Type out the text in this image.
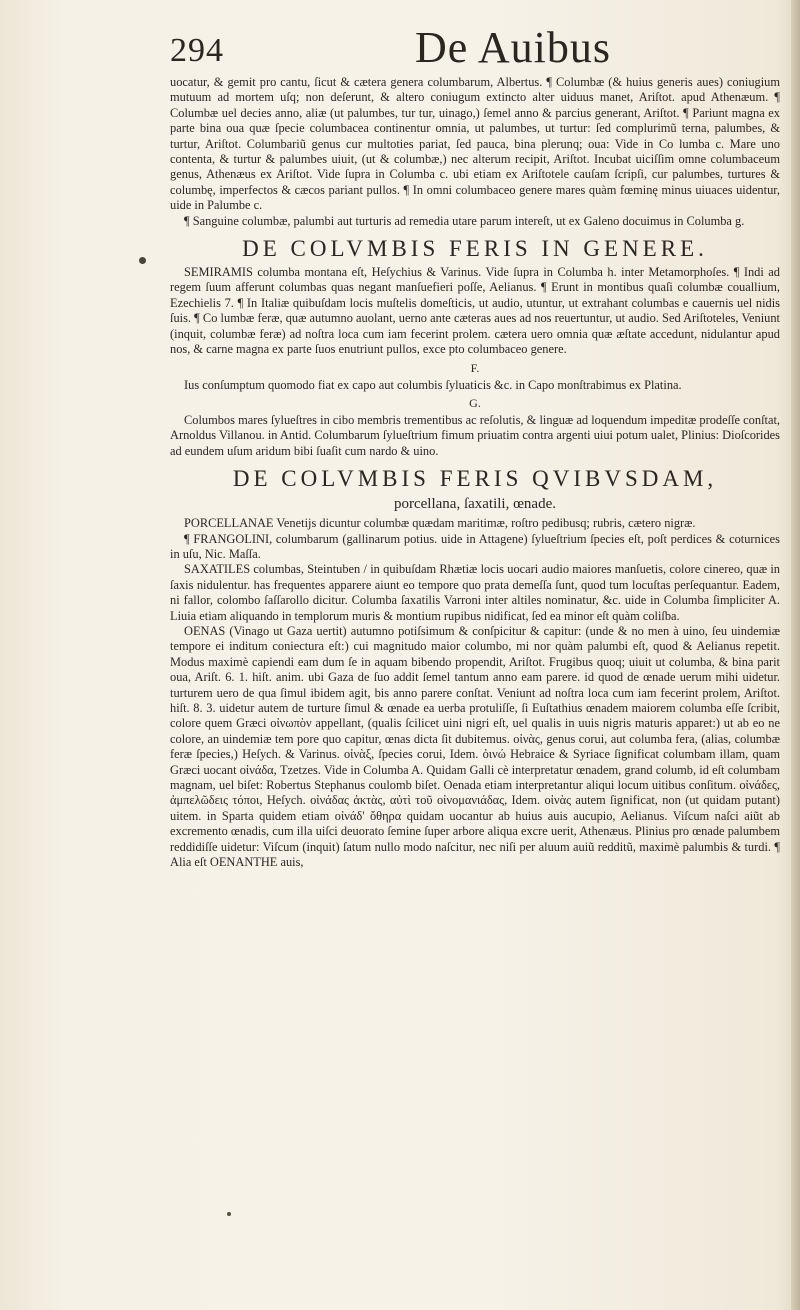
294	De Auibus

uocatur, & gemit pro cantu, ſicut & cætera genera columbarum, Albertus. ¶ Columbæ (& huius generis aues) coniugium mutuum ad mortem uſq; non deſerunt, & altero coniugum extincto alter uiduus manet, Ariſtot. apud Athenæum. ¶ Columbæ uel decies anno, aliæ (ut palumbes, tur tur, uinago,) ſemel anno & parcius generant, Ariſtot. ¶ Pariunt magna ex parte bina oua quæ ſpecie columbacea continentur omnia, ut palumbes, ut turtur: ſed complurimũ terna, palumbes, & turtur, Ariſtot. Columbariũ genus cur multoties pariat, ſed pauca, bina plerunq; oua: Vide in Co lumba c. Mare uno contenta, & turtur & palumbes uiuit, (ut & columbæ,) nec alterum recipit, Ariſtot. Incubat uiciſſim omne columbaceum genus, Athenæus ex Ariſtot. Vide ſupra in Columba c. ubi etiam ex Ariſtotele cauſam ſcripſi, cur palumbes, turtures & columbę, imperfectos & cæcos pariant pullos. ¶ In omni columbaceo genere mares quàm fœminę minus uiuaces uidentur, uide in Palumbe c.

¶ Sanguine columbæ, palumbi aut turturis ad remedia utare parum intereſt, ut ex Galeno docuimus in Columba g.

DE COLVMBIS FERIS IN GENERE.

SEMIRAMIS columba montana eſt, Heſychius & Varinus. Vide ſupra in Columba h. inter Metamorphoſes. ¶ Indi ad regem ſuum afferunt columbas quas negant manſuefieri poſſe, Aelianus. ¶ Erunt in montibus quaſi columbæ couallium, Ezechielis 7. ¶ In Italiæ quibuſdam locis muſtelis domeſticis, ut audio, utuntur, ut extrahant columbas e cauernis uel nidis ſuis. ¶ Co lumbæ feræ, quæ autumno auolant, uerno ante cæteras aues ad nos reuertuntur, ut audio. Sed Ariſtoteles, Veniunt (inquit, columbæ feræ) ad noſtra loca cum iam fecerint prolem. cætera uero omnia quæ æſtate accedunt, nidulantur apud nos, & carne magna ex parte ſuos enutriunt pullos, exce pto columbaceo genere.

F.

Ius conſumptum quomodo fiat ex capo aut columbis ſyluaticis &c. in Capo monſtrabimus ex Platina.

G.

Columbos mares ſylueſtres in cibo membris trementibus ac reſolutis, & linguæ ad loquendum impeditæ prodeſſe conſtat, Arnoldus Villanou. in Antid. Columbarum ſylueſtrium fimum priuatim contra argenti uiui potum ualet, Plinius: Dioſcorides ad eundem uſum aridum bibi ſuaſit cum nardo & uino.

DE COLVMBIS FERIS QVIBVSDAM,
porcellana, ſaxatili, œnade.

PORCELLANAE Venetijs dicuntur columbæ quædam maritimæ, roſtro pedibusq; rubris, cætero nigræ.

¶ FRANGOLINI, columbarum (gallinarum potius. uide in Attagene) ſylueſtrium ſpecies eſt, poſt perdices & coturnices in uſu, Nic. Maſſa.

SAXATILES columbas, Steintuben / in quibuſdam Rhætiæ locis uocari audio maiores manſuetis, colore cinereo, quæ in ſaxis nidulentur. has frequentes apparere aiunt eo tempore quo prata demeſſa ſunt, quod tum locuſtas perſequantur. Eadem, ni fallor, colombo ſaſſarollo dicitur. Columba ſaxatilis Varroni inter altiles nominatur, &c. uide in Columba ſimpliciter A. Liuia etiam aliquando in templorum muris & montium rupibus nidificat, ſed ea minor eſt quàm coliſba.

OENAS (Vinago ut Gaza uertit) autumno potiſsimum & conſpicitur & capitur: (unde & no men à uino, ſeu uindemiæ tempore ei inditum coniectura eſt:) cui magnitudo maior columbo, mi nor quàm palumbi eſt, quod & Aelianus repetit. Modus maximè capiendi eam dum ſe in aquam bibendo propendit, Ariſtot. Frugibus quoq; uiuit ut columba, & bina parit oua, Ariſt. 6. 1. hiſt. anim. ubi Gaza de ſuo addit ſemel tantum anno eam parere. id quod de œnade uerum mihi uidetur. turturem uero de qua ſimul ibidem agit, bis anno parere conſtat. Veniunt ad noſtra loca cum iam fecerint prolem, Ariſtot. hiſt. 8. 3. uidetur autem de turture ſimul & œnade ea uerba protuliſſe, ſi Euſtathius œnadem maiorem columba eſſe ſcribit, colore quem Græci οἰνωπὸν appellant, (qualis ſcilicet uini nigri eſt, uel qualis in uuis nigris maturis apparet:) ut ab eo ne colore, an uindemiæ tem pore quo capitur, œnas dicta ſit dubitemus. οἰνὰς, genus corui, aut columba fera, (alias, columbæ feræ ſpecies,) Heſych. & Varinus. οἰνὰξ, ſpecies corui, Idem. ὀινώ Hebraice & Syriace ſignificat columbam illam, quam Græci uocant οἰνάδα, Tzetzes. Vide in Columba A. Quidam Galli cè interpretatur œnadem, grand columb, id eſt columbam magnam, uel biſet: Robertus Stephanus coulomb biſet. Oenada etiam interpretantur aliqui locum uitibus conſitum. οἰνάδες, ἀμπελῶδεις τόποι, Heſych. οἰνάδας ἀκτὰς, αὐτὶ τοῦ οἰνομανιάδας, Idem. οἰνὰς autem ſignificat, non (ut quidam putant) uitem. in Sparta quidem etiam οἰνάδ' ὄθηρα quidam uocantur ab huius auis aucupio, Aelianus. Viſcum naſci aiũt ab excremento œnadis, cum illa uiſci deuorato ſemine ſuper arbore aliqua excre uerit, Athenæus. Plinius pro œnade palumbem reddidiſſe uidetur: Viſcum (inquit) ſatum nullo modo naſcitur, nec niſi per aluum auiũ redditũ, maximè palumbis & turdi. ¶ Alia eſt OENANTHE auis,
